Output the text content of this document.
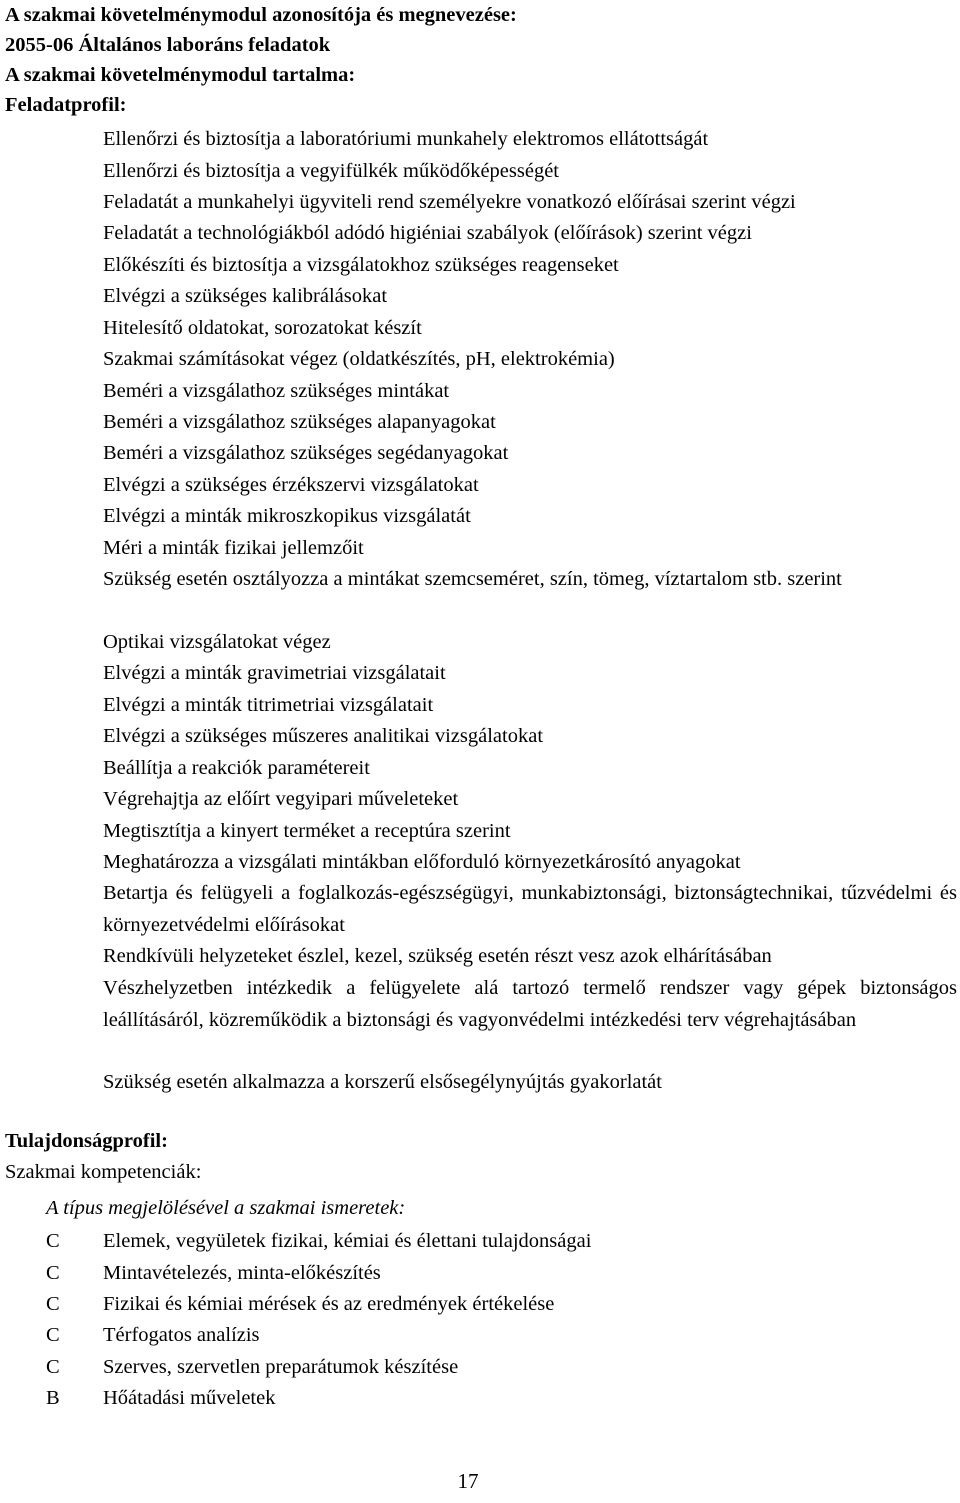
A szakmai követelménymodul azonosítója és megnevezése:
2055-06 Általános laboráns feladatok
A szakmai követelménymodul tartalma:
Feladatprofil:
Ellenőrzi és biztosítja a laboratóriumi munkahely elektromos ellátottságát
Ellenőrzi és biztosítja a vegyifülkék működőképességét
Feladatát a munkahelyi ügyviteli rend személyekre vonatkozó előírásai szerint végzi
Feladatát a technológiákból adódó higiéniai szabályok (előírások) szerint végzi
Előkészíti és biztosítja a vizsgálatokhoz szükséges reagenseket
Elvégzi a szükséges kalibrálásokat
Hitelesítő oldatokat, sorozatokat készít
Szakmai számításokat végez (oldatkészítés, pH, elektrokémia)
Beméri a vizsgálathoz szükséges mintákat
Beméri a vizsgálathoz szükséges alapanyagokat
Beméri a vizsgálathoz szükséges segédanyagokat
Elvégzi a szükséges érzékszervi vizsgálatokat
Elvégzi a minták mikroszkopikus vizsgálatát
Méri a minták fizikai jellemzőit
Szükség esetén osztályozza a mintákat szemcseméret, szín, tömeg, víztartalom stb. szerint
Optikai vizsgálatokat végez
Elvégzi a minták gravimetriai vizsgálatait
Elvégzi a minták titrimetriai vizsgálatait
Elvégzi a szükséges műszeres analitikai vizsgálatokat
Beállítja a reakciók paramétereit
Végrehajtja az előírt vegyipari műveleteket
Megtisztítja a kinyert terméket a receptúra szerint
Meghatározza a vizsgálati mintákban előforduló környezetkárosító anyagokat
Betartja és felügyeli a foglalkozás-egészségügyi, munkabiztonsági, biztonságtechnikai, tűzvédelmi és környezetvédelmi előírásokat
Rendkívüli helyzeteket észlel, kezel, szükség esetén részt vesz azok elhárításában
Vészhelyzetben intézkedik a felügyelete alá tartozó termelő rendszer vagy gépek biztonságos leállításáról, közreműködik a biztonsági és vagyonvédelmi intézkedési terv végrehajtásában
Szükség esetén alkalmazza a korszerű elsősegélynyújtás gyakorlatát
Tulajdonságprofil:
Szakmai kompetenciák:
A típus megjelölésével a szakmai ismeretek:
C	Elemek, vegyületek fizikai, kémiai és élettani tulajdonságai
C	Mintavételezés, minta-előkészítés
C	Fizikai és kémiai mérések és az eredmények értékelése
C	Térfogatos analízis
C	Szerves, szervetlen preparátumok készítése
B	Hőátadási műveletek
17
